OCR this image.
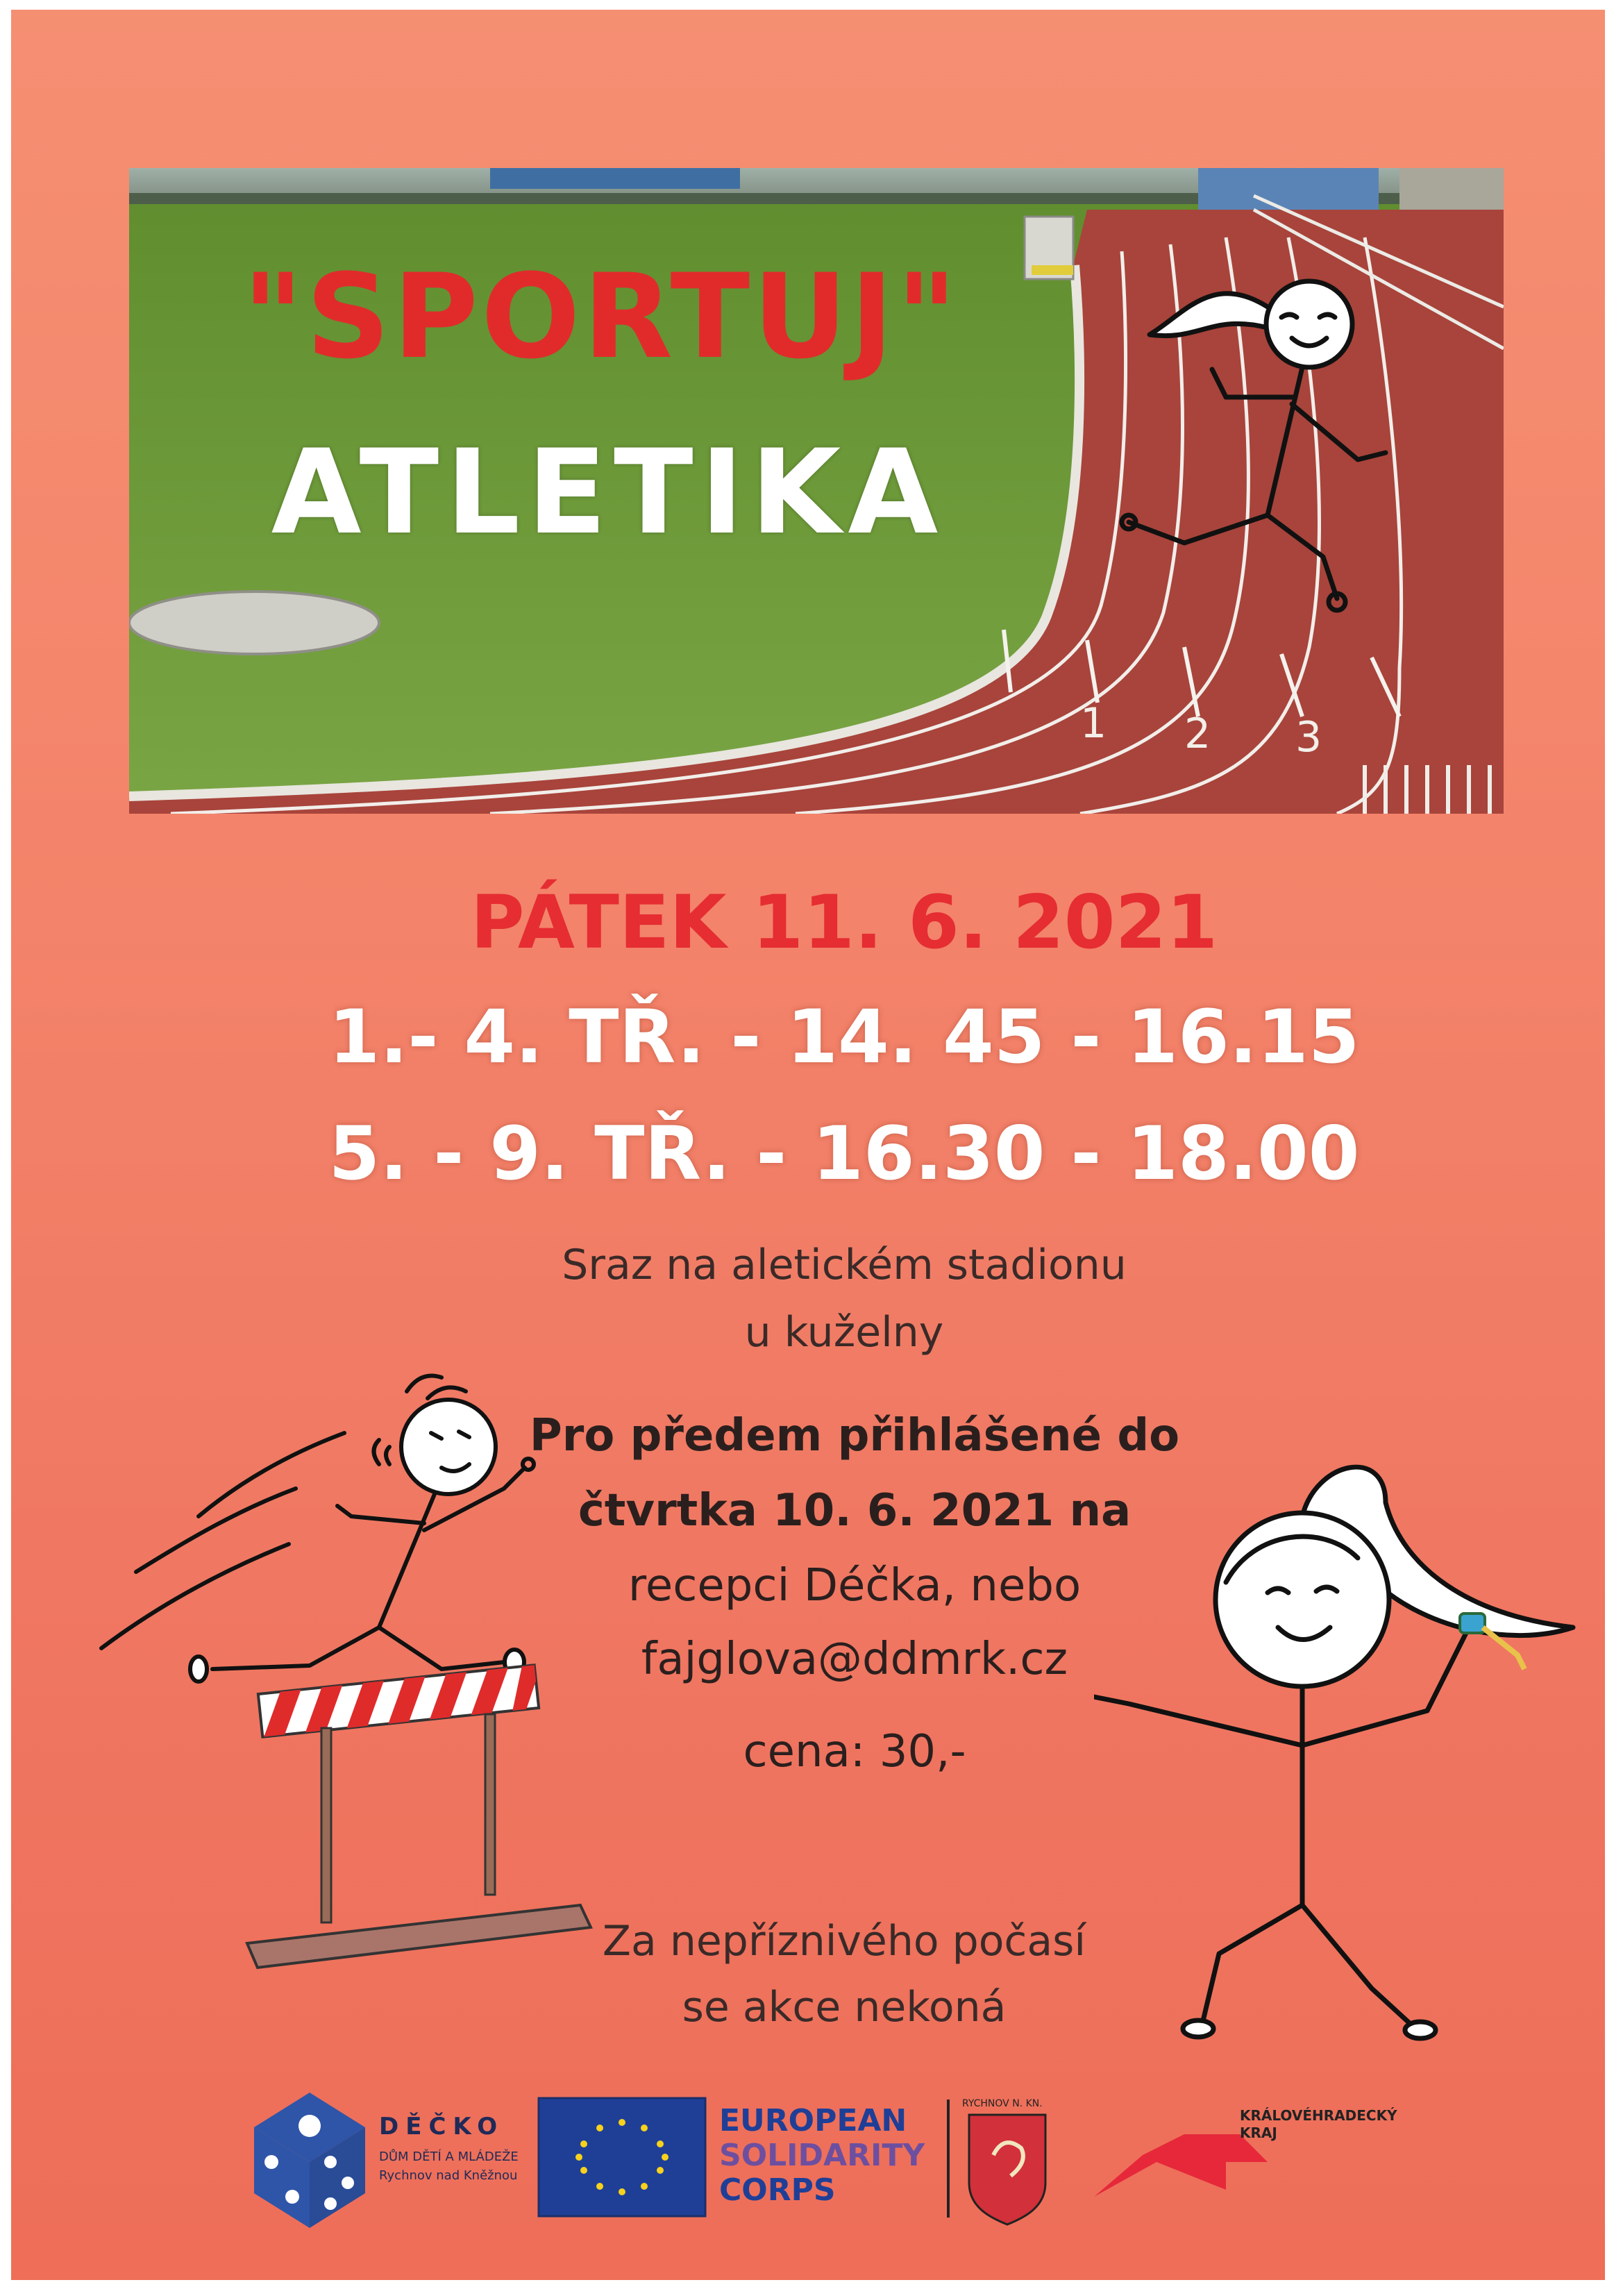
1 2 3
"SPORTUJ"
ATLETIKA
PÁTEK 11. 6. 2021
1.- 4. TŘ. - 14. 45 - 16.15
5. - 9. TŘ. - 16.30 - 18.00
Sraz na aletickém stadionu
u kuželny
Pro předem přihlášené do
čtvrtka 10. 6. 2021 na
recepci Déčka, nebo
fajglova@ddmrk.cz
cena: 30,-
Za nepříznivého počasí
se akce nekoná
DĚČKO
DŮM DĚTÍ A MLÁDEŽE
Rychnov nad Kněžnou
EUROPEAN
SOLIDARITY
CORPS
RYCHNOV N. KN.
KRÁLOVÉHRADECKÝ
KRAJ
